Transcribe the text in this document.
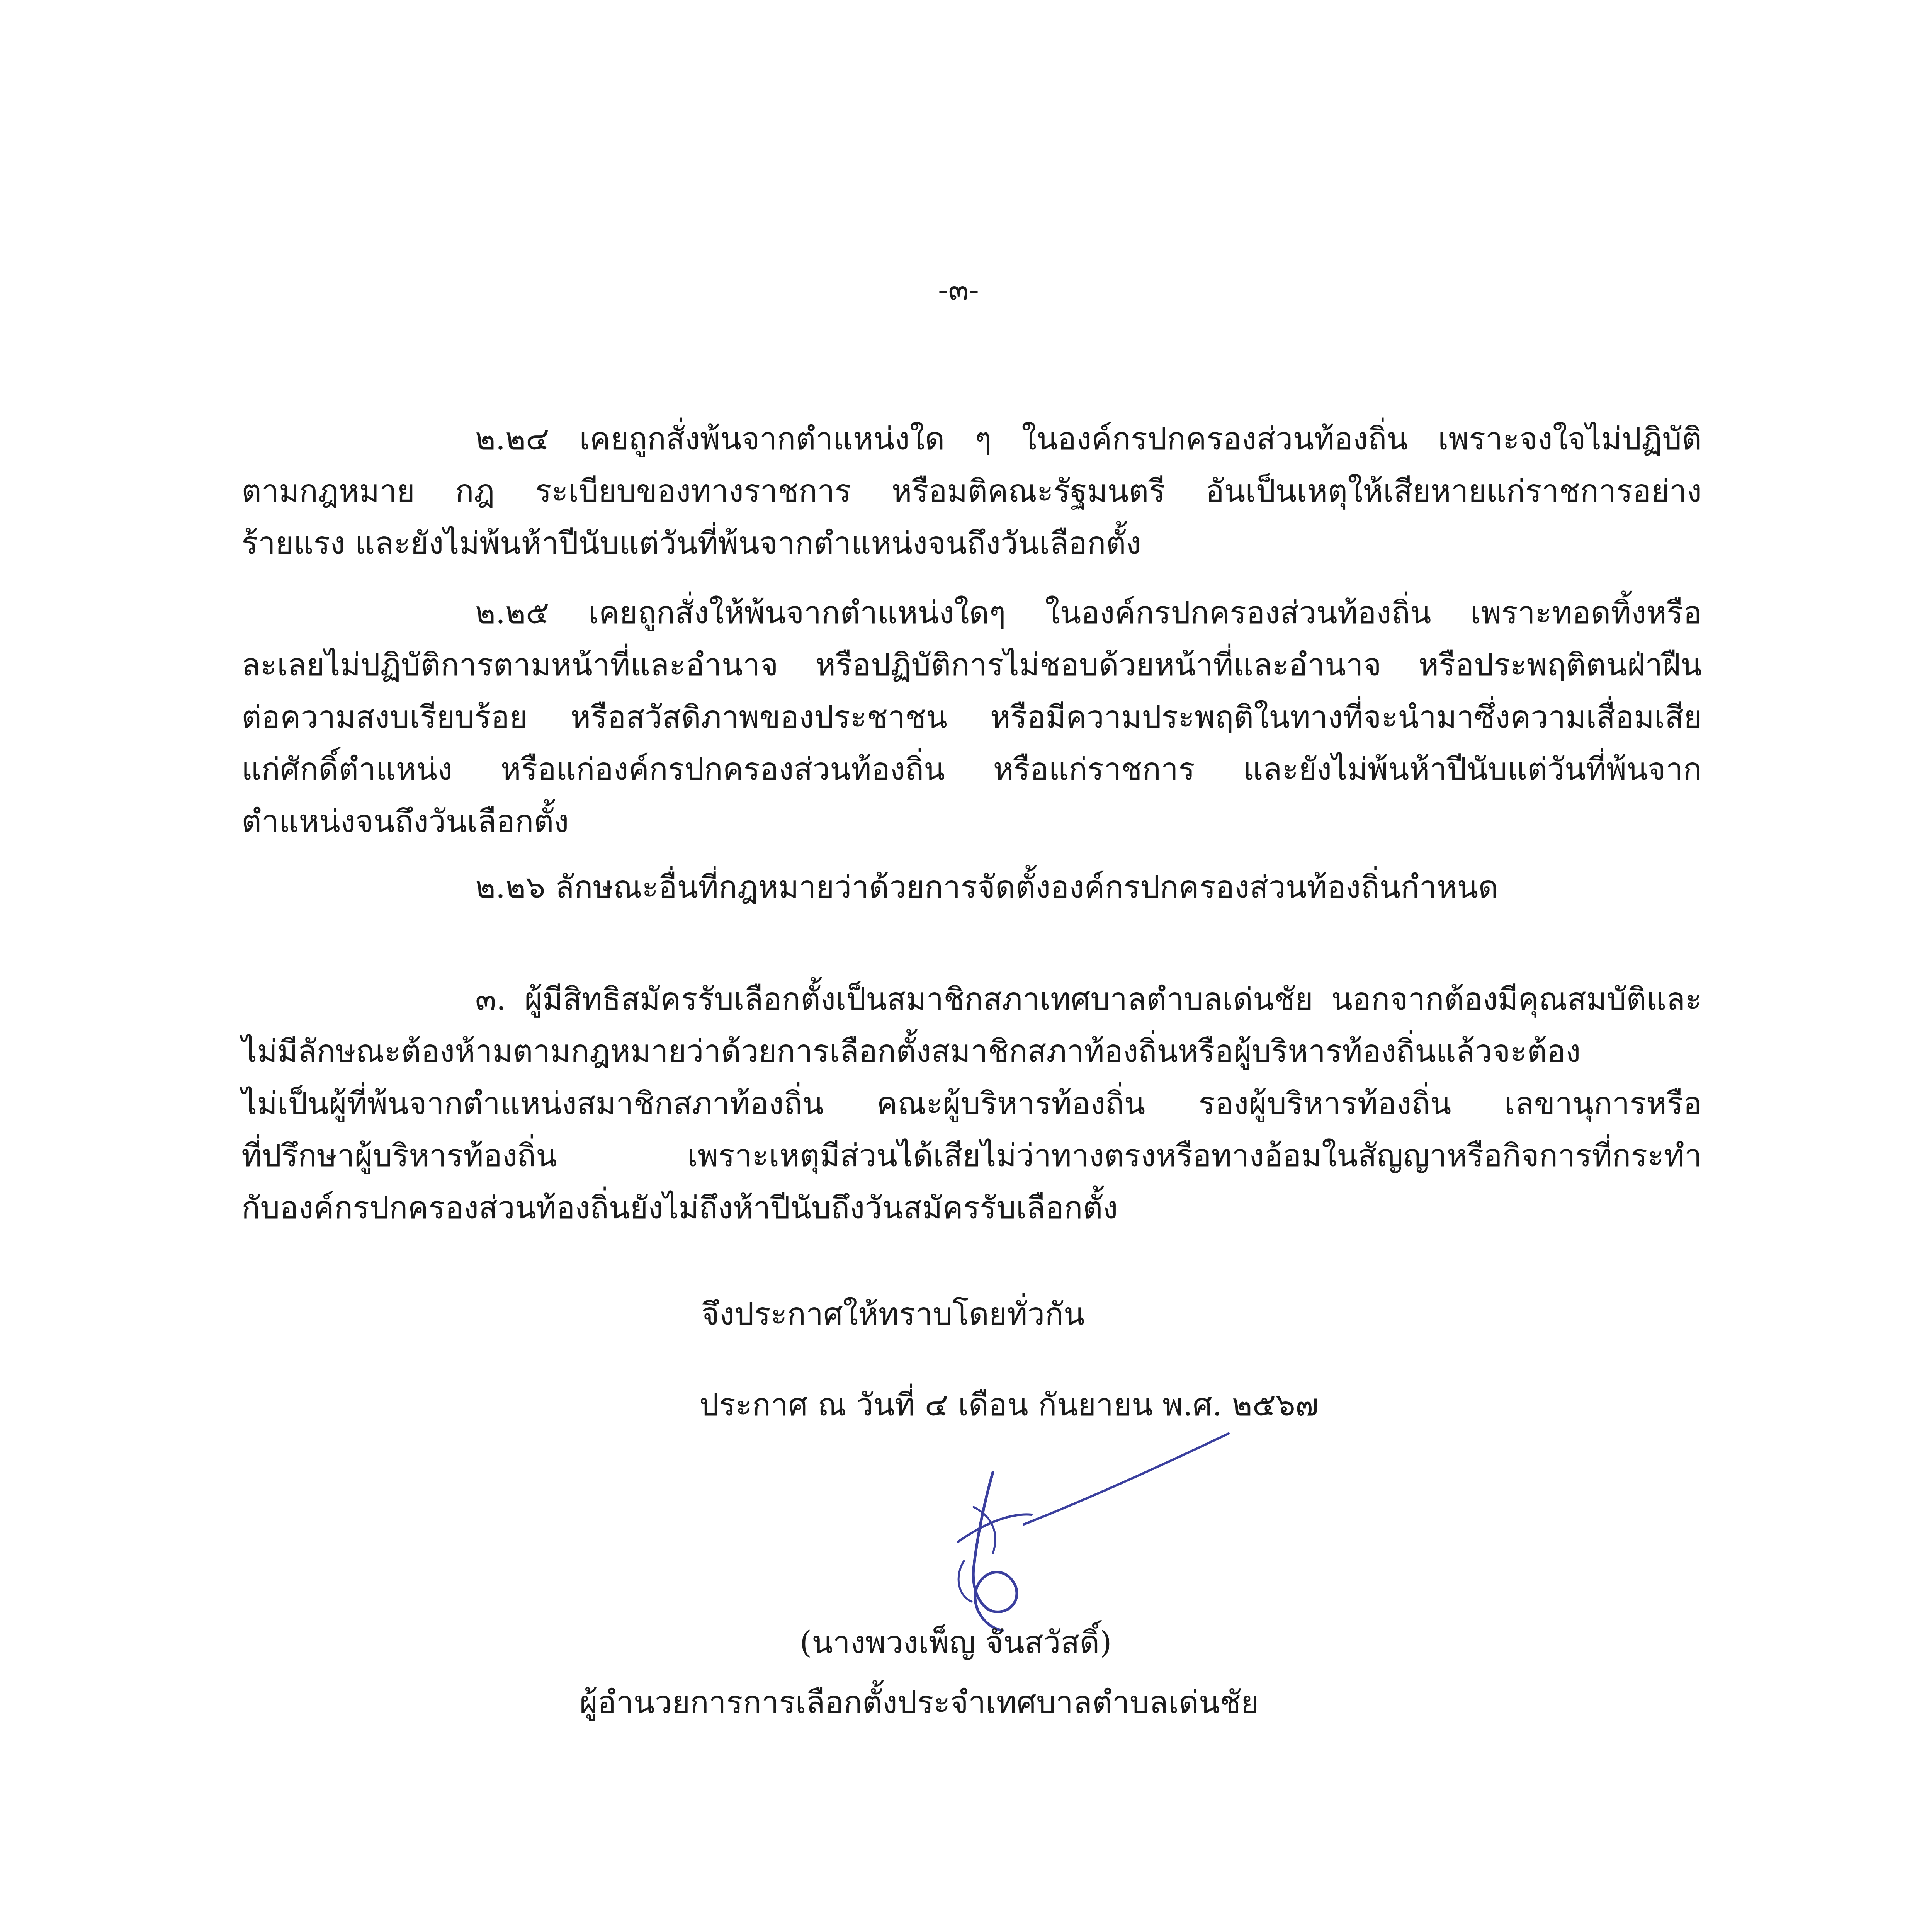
-๓-
๒.๒๔ เคยถูกสั่งพ้นจากตำแหน่งใด ๆ ในองค์กรปกครองส่วนท้องถิ่น เพราะจงใจไม่ปฏิบัติ
ตามกฎหมาย กฎ ระเบียบของทางราชการ หรือมติคณะรัฐมนตรี อันเป็นเหตุให้เสียหายแก่ราชการอย่าง
ร้ายแรง และยังไม่พ้นห้าปีนับแต่วันที่พ้นจากตำแหน่งจนถึงวันเลือกตั้ง
๒.๒๕ เคยถูกสั่งให้พ้นจากตำแหน่งใดๆ ในองค์กรปกครองส่วนท้องถิ่น เพราะทอดทิ้งหรือ
ละเลยไม่ปฏิบัติการตามหน้าที่และอำนาจ หรือปฏิบัติการไม่ชอบด้วยหน้าที่และอำนาจ หรือประพฤติตนฝ่าฝืน
ต่อความสงบเรียบร้อย หรือสวัสดิภาพของประชาชน หรือมีความประพฤติในทางที่จะนำมาซึ่งความเสื่อมเสีย
แก่ศักดิ์ตำแหน่ง หรือแก่องค์กรปกครองส่วนท้องถิ่น หรือแก่ราชการ และยังไม่พ้นห้าปีนับแต่วันที่พ้นจาก
ตำแหน่งจนถึงวันเลือกตั้ง
๒.๒๖ ลักษณะอื่นที่กฎหมายว่าด้วยการจัดตั้งองค์กรปกครองส่วนท้องถิ่นกำหนด
๓. ผู้มีสิทธิสมัครรับเลือกตั้งเป็นสมาชิกสภาเทศบาลตำบลเด่นชัย นอกจากต้องมีคุณสมบัติและ
ไม่มีลักษณะต้องห้ามตามกฎหมายว่าด้วยการเลือกตั้งสมาชิกสภาท้องถิ่นหรือผู้บริหารท้องถิ่นแล้วจะต้อง
ไม่เป็นผู้ที่พ้นจากตำแหน่งสมาชิกสภาท้องถิ่น คณะผู้บริหารท้องถิ่น รองผู้บริหารท้องถิ่น เลขานุการหรือ
ที่ปรึกษาผู้บริหารท้องถิ่น เพราะเหตุมีส่วนได้เสียไม่ว่าทางตรงหรือทางอ้อมในสัญญาหรือกิจการที่กระทำ
กับองค์กรปกครองส่วนท้องถิ่นยังไม่ถึงห้าปีนับถึงวันสมัครรับเลือกตั้ง
จึงประกาศให้ทราบโดยทั่วกัน
ประกาศ ณ วันที่ ๔ เดือน กันยายน พ.ศ. ๒๕๖๗
(นางพวงเพ็ญ จันสวัสดิ์)
ผู้อำนวยการการเลือกตั้งประจำเทศบาลตำบลเด่นชัย
